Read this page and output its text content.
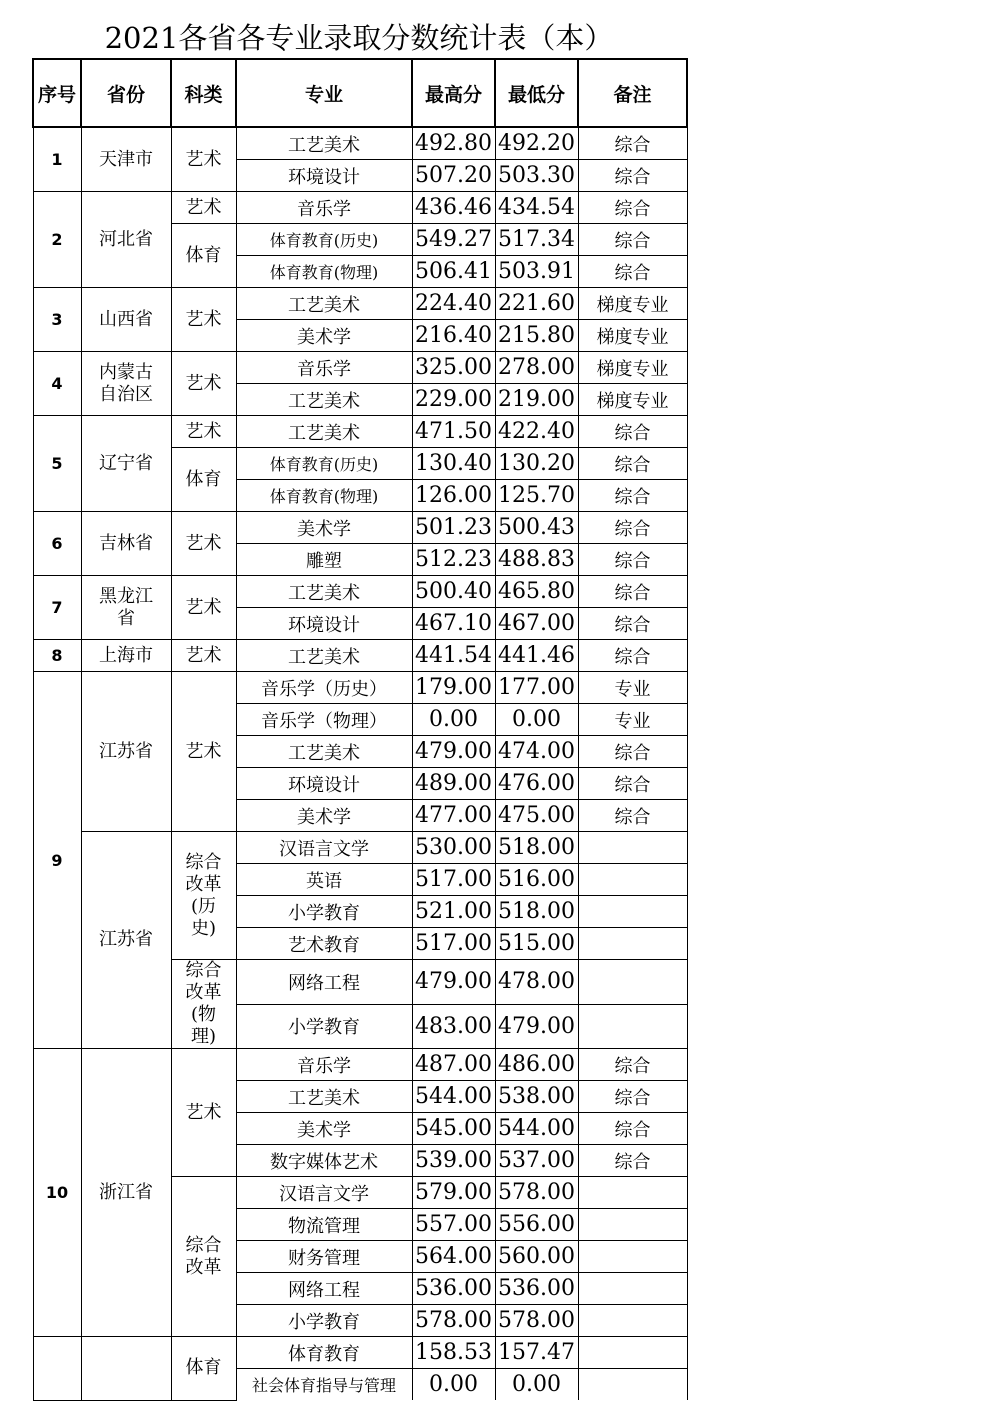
2021各省各专业录取分数统计表（本）
序号	省份	科类	专业	最高分	最低分	备注
1	天津市	艺术	工艺美术	492.80	492.20	综合
			环境设计	507.20	503.30	综合
2	河北省	艺术	音乐学	436.46	434.54	综合
		体育	体育教育(历史)	549.27	517.34	综合
			体育教育(物理)	506.41	503.91	综合
3	山西省	艺术	工艺美术	224.40	221.60	梯度专业
			美术学	216.40	215.80	梯度专业
4	内蒙古自治区	艺术	音乐学	325.00	278.00	梯度专业
			工艺美术	229.00	219.00	梯度专业
5	辽宁省	艺术	工艺美术	471.50	422.40	综合
		体育	体育教育(历史)	130.40	130.20	综合
			体育教育(物理)	126.00	125.70	综合
6	吉林省	艺术	美术学	501.23	500.43	综合
			雕塑	512.23	488.83	综合
7	黑龙江省	艺术	工艺美术	500.40	465.80	综合
			环境设计	467.10	467.00	综合
8	上海市	艺术	工艺美术	441.54	441.46	综合
9	江苏省	艺术	音乐学（历史）	179.00	177.00	专业
			音乐学（物理）	0.00	0.00	专业
			工艺美术	479.00	474.00	综合
			环境设计	489.00	476.00	综合
			美术学	477.00	475.00	综合
	江苏省	综合改革(历史)	汉语言文学	530.00	518.00	
			英语	517.00	516.00	
			小学教育	521.00	518.00	
			艺术教育	517.00	515.00	
		综合改革(物理)	网络工程	479.00	478.00	
			小学教育	483.00	479.00	
10	浙江省	艺术	音乐学	487.00	486.00	综合
			工艺美术	544.00	538.00	综合
			美术学	545.00	544.00	综合
			数字媒体艺术	539.00	537.00	综合
		综合改革	汉语言文学	579.00	578.00	
			物流管理	557.00	556.00	
			财务管理	564.00	560.00	
			网络工程	536.00	536.00	
			小学教育	578.00	578.00	
		体育	体育教育	158.53	157.47	
			社会体育指导与管理	0.00	0.00	
